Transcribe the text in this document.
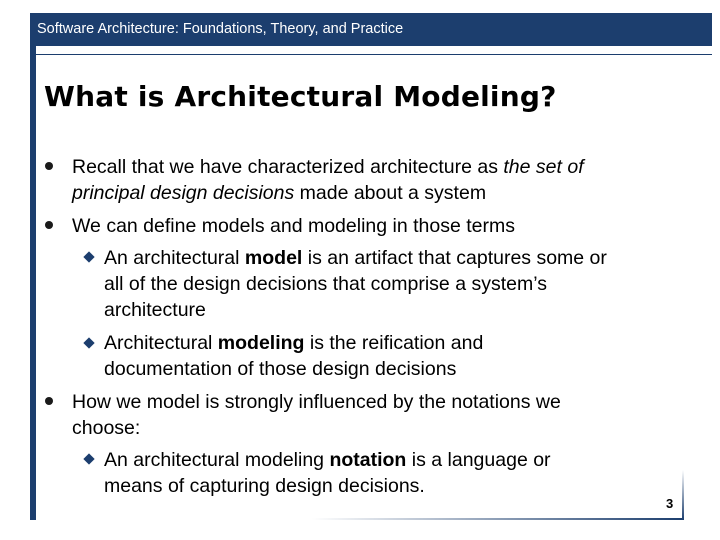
Software Architecture: Foundations, Theory, and Practice
What is Architectural Modeling?
Recall that we have characterized architecture as the set of
principal design decisions made about a system
We can define models and modeling in those terms
An architectural model is an artifact that captures some or
all of the design decisions that comprise a system’s
architecture
Architectural modeling is the reification and
documentation of those design decisions
How we model is strongly influenced by the notations we
choose:
An architectural modeling notation is a language or
means of capturing design decisions.
3
